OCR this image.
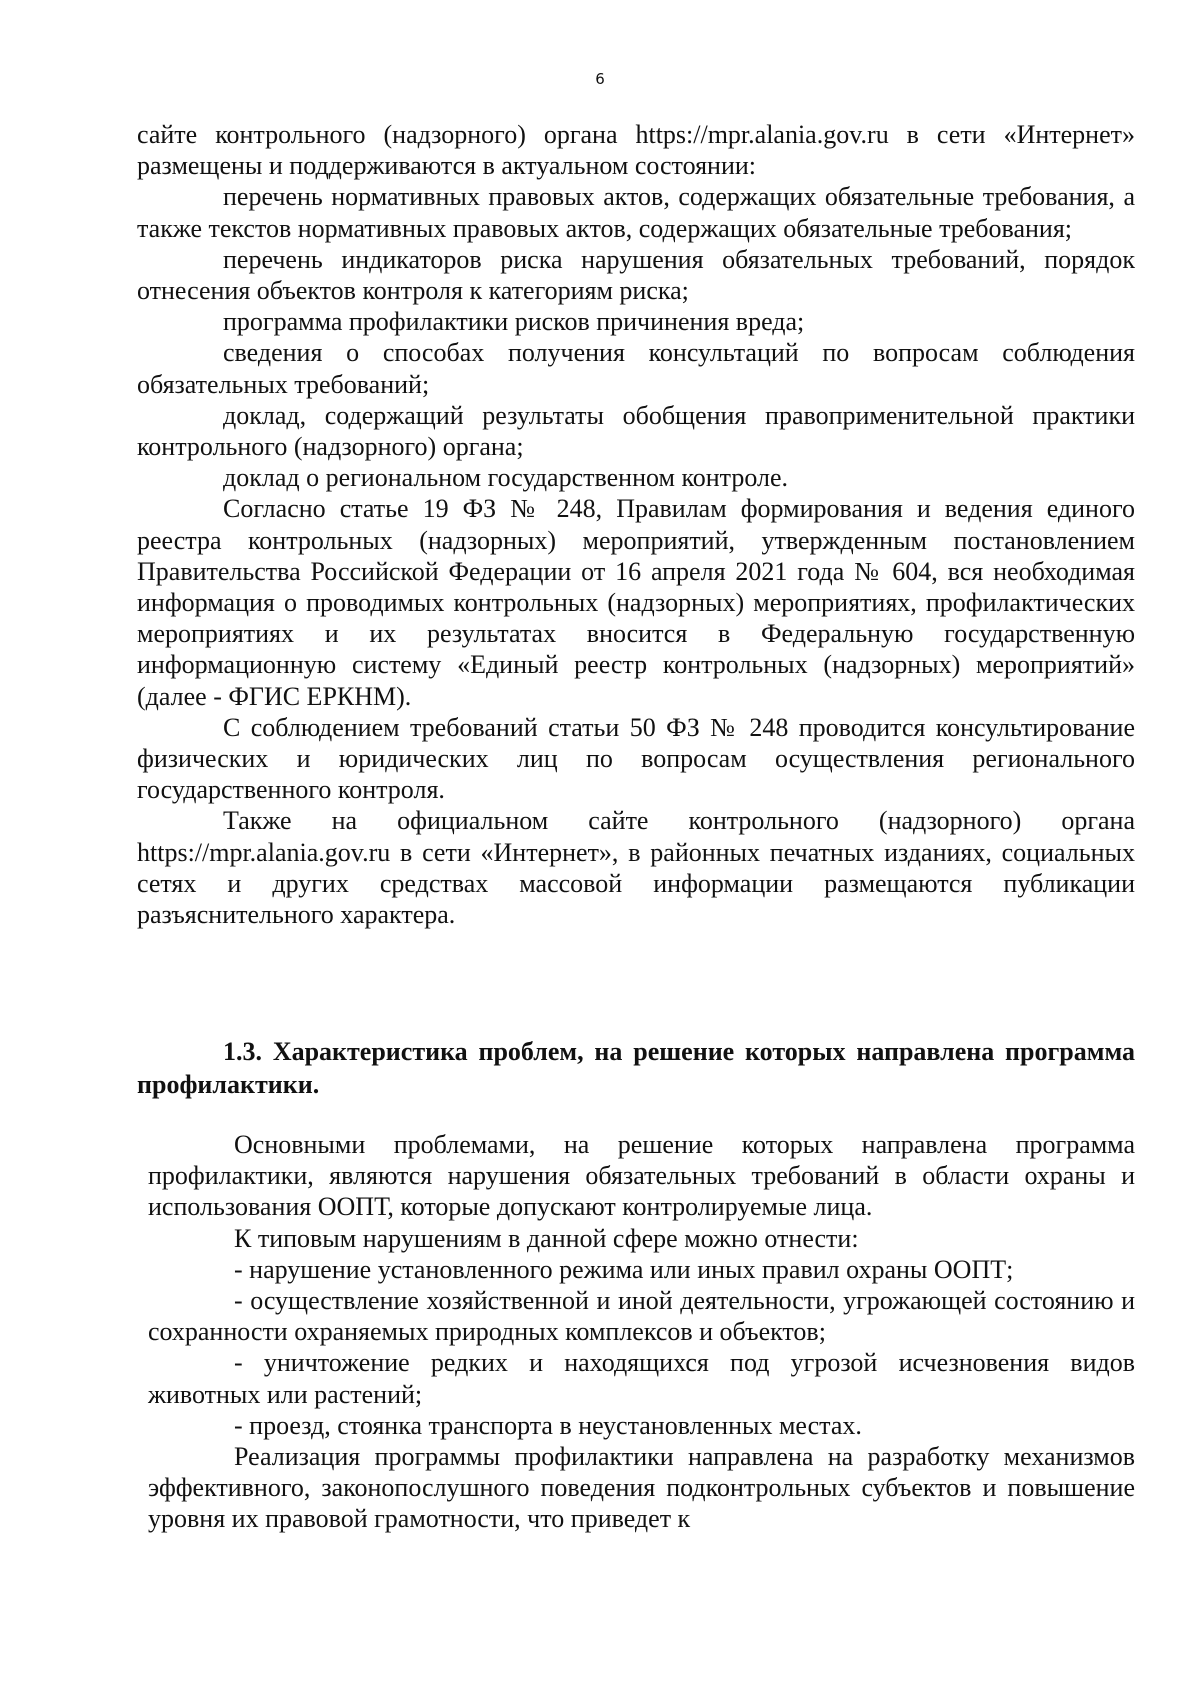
6

сайте контрольного (надзорного) органа https://mpr.alania.gov.ru в сети «Интернет» размещены и поддерживаются в актуальном состоянии:

перечень нормативных правовых актов, содержащих обязательные требования, а также текстов нормативных правовых актов, содержащих обязательные требования;

перечень индикаторов риска нарушения обязательных требований, порядок отнесения объектов контроля к категориям риска;

программа профилактики рисков причинения вреда;

сведения о способах получения консультаций по вопросам соблюдения обязательных требований;

доклад, содержащий результаты обобщения правоприменительной практики контрольного (надзорного) органа;

доклад о региональном государственном контроле.

Согласно статье 19 ФЗ № 248, Правилам формирования и ведения единого реестра контрольных (надзорных) мероприятий, утвержденным постановлением Правительства Российской Федерации от 16 апреля 2021 года № 604, вся необходимая информация о проводимых контрольных (надзорных) мероприятиях, профилактических мероприятиях и их результатах вносится в Федеральную государственную информационную систему «Единый реестр контрольных (надзорных) мероприятий» (далее - ФГИС ЕРКНМ).

С соблюдением требований статьи 50 ФЗ № 248 проводится консультирование физических и юридических лиц по вопросам осуществления регионального государственного контроля.

Также на официальном сайте контрольного (надзорного) органа https://mpr.alania.gov.ru в сети «Интернет», в районных печатных изданиях, социальных сетях и других средствах массовой информации размещаются публикации разъяснительного характера.

1.3. Характеристика проблем, на решение которых направлена программа профилактики.

Основными проблемами, на решение которых направлена программа профилактики, являются нарушения обязательных требований в области охраны и использования ООПТ, которые допускают контролируемые лица.

К типовым нарушениям в данной сфере можно отнести:

- нарушение установленного режима или иных правил охраны ООПТ;

- осуществление хозяйственной и иной деятельности, угрожающей состоянию и сохранности охраняемых природных комплексов и объектов;

- уничтожение редких и находящихся под угрозой исчезновения видов животных или растений;

- проезд, стоянка транспорта в неустановленных местах.

Реализация программы профилактики направлена на разработку механизмов эффективного, законопослушного поведения подконтрольных субъектов и повышение уровня их правовой грамотности, что приведет к
